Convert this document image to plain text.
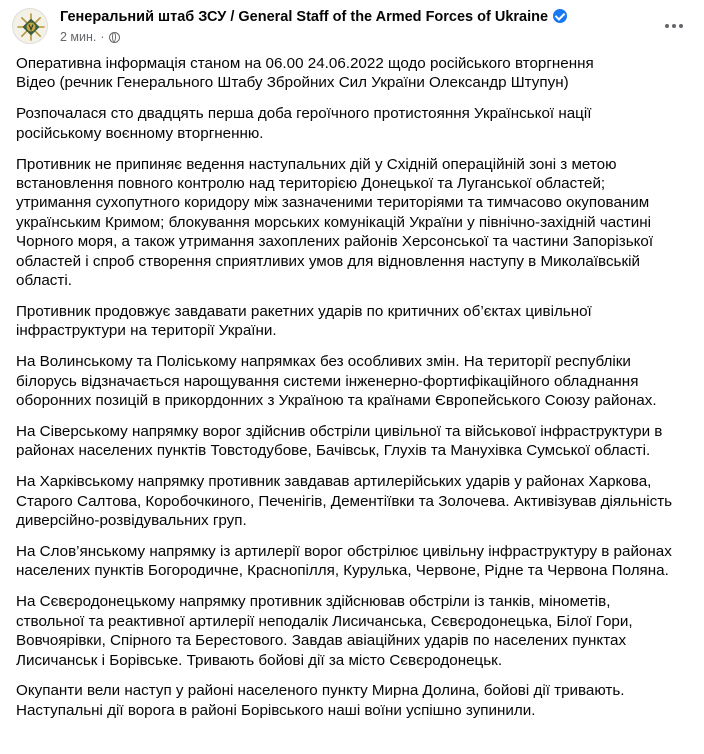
Генеральний штаб ЗСУ / General Staff of the Armed Forces of Ukraine
2 мин. ·

Оперативна інформація станом на 06.00 24.06.2022 щодо російського вторгнення
Відео (речник Генерального Штабу Збройних Сил України Олександр Штупун)

Розпочалася сто двадцять перша доба героїчного протистояння Української нації
російському воєнному вторгненню.

Противник не припиняє ведення наступальних дій у Східній операційній зоні з метою
встановлення повного контролю над територією Донецької та Луганської областей;
утримання сухопутного коридору між зазначеними територіями та тимчасово окупованим
українським Кримом; блокування морських комунікацій України у північно-західній частині
Чорного моря, а також утримання захоплених районів Херсонської та частини Запорізької
областей і спроб створення сприятливих умов для відновлення наступу в Миколаївській
області.

Противник продовжує завдавати ракетних ударів по критичних об’єктах цивільної
інфраструктури на території України.

На Волинському та Поліському напрямках без особливих змін. На території республіки
білорусь відзначається нарощування системи інженерно-фортифікаційного обладнання
оборонних позицій в прикордонних з Україною та країнами Європейського Союзу районах.

На Сіверському напрямку ворог здійснив обстріли цивільної та військової інфраструктури в
районах населених пунктів Товстодубове, Бачівськ, Глухів та Манухівка Сумської області.

На Харківському напрямку противник завдавав артилерійських ударів у районах Харкова,
Старого Салтова, Коробочкиного, Печенігів, Дементіївки та Золочева. Активізував діяльність
диверсійно-розвідувальних груп.

На Слов’янському напрямку із артилерії ворог обстрілює цивільну інфраструктуру в районах
населених пунктів Богородичне, Краснопілля, Курулька, Червоне, Рідне та Червона Поляна.

На Сєвєродонецькому напрямку противник здійснював обстріли із танків, мінометів,
ствольної та реактивної артилерії неподалік Лисичанська, Сєвєродонецька, Білої Гори,
Вовчоярівки, Спірного та Берестового. Завдав авіаційних ударів по населених пунктах
Лисичанськ і Борівське. Тривають бойові дії за місто Сєвєродонецьк.

Окупанти вели наступ у районі населеного пункту Мирна Долина, бойові дії тривають.
Наступальні дії ворога в районі Борівського наші воїни успішно зупинили.
